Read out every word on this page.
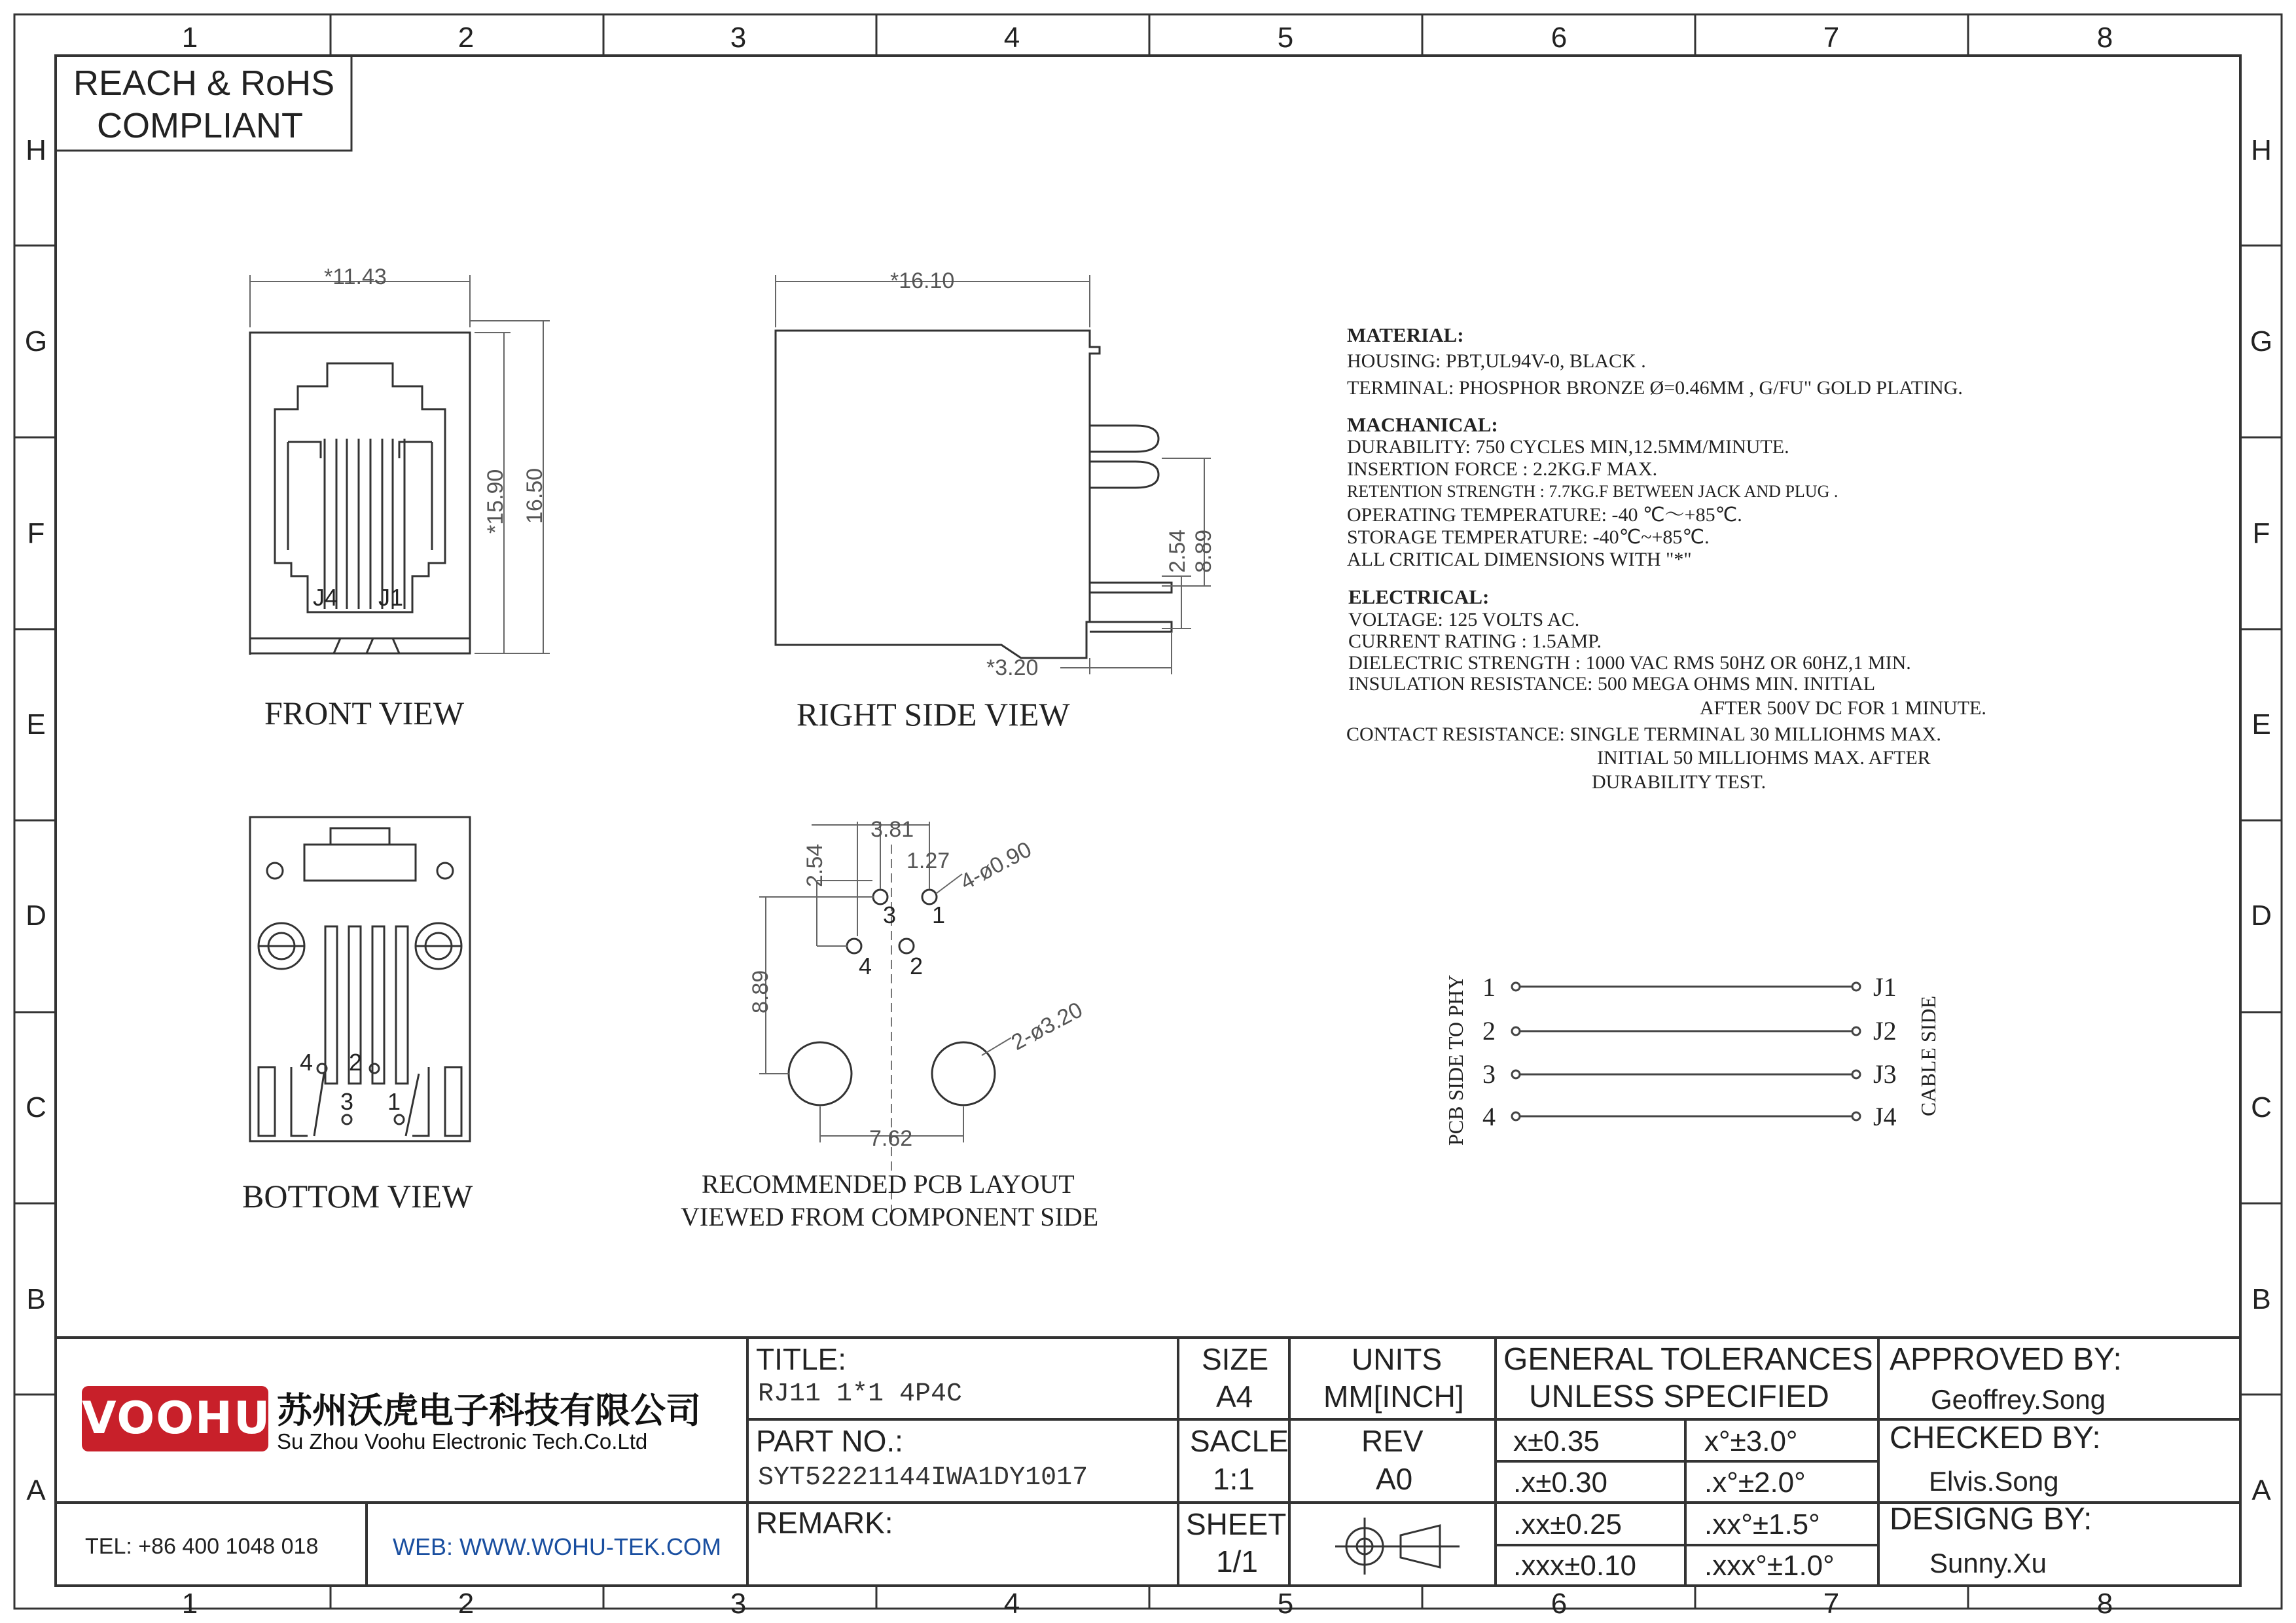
1	2	3	4	5	6	7	8
1	2	3	4	5	6	7	8
H
G
F
E
D
C
B
A
H
G
F
E
D
C
B
A
REACH & RoHS
COMPLIANT
*11.43
*15.90 16.50
J4 J1
FRONT VIEW
*16.10
2.54 8.89
*3.20
RIGHT SIDE VIEW
4 2
3 1
BOTTOM VIEW
3.81
1.27
2.54
8.89
7.62
4-ø0.90
2-ø3.20
3 1
4 2
RECOMMENDED PCB LAYOUT
VIEWED FROM COMPONENT SIDE
MATERIAL:
HOUSING: PBT,UL94V-0, BLACK .
TERMINAL: PHOSPHOR BRONZE Ø=0.46MM , G/FU" GOLD PLATING.
MACHANICAL:
DURABILITY: 750 CYCLES MIN,12.5MM/MINUTE.
INSERTION FORCE : 2.2KG.F MAX.
RETENTION STRENGTH : 7.7KG.F BETWEEN JACK AND PLUG .
OPERATING TEMPERATURE: -40 ℃～+85℃.
STORAGE TEMPERATURE: -40℃~+85℃.
ALL CRITICAL DIMENSIONS WITH "*"
ELECTRICAL:
VOLTAGE: 125 VOLTS AC.
CURRENT RATING : 1.5AMP.
DIELECTRIC STRENGTH : 1000 VAC RMS 50HZ OR 60HZ,1 MIN.
INSULATION RESISTANCE: 500 MEGA OHMS MIN. INITIAL
AFTER 500V DC FOR 1 MINUTE.
CONTACT RESISTANCE: SINGLE TERMINAL 30 MILLIOHMS MAX.
INITIAL 50 MILLIOHMS MAX. AFTER
DURABILITY TEST.
PCB SIDE TO PHY	CABLE SIDE
1
2
3
4
J1
J2
J3
J4
VOOHU 苏州沃虎电子科技有限公司
Su Zhou Voohu Electronic Tech.Co.Ltd
TEL: +86 400 1048 018	WEB: WWW.WOHU-TEK.COM
TITLE:
RJ11 1*1 4P4C
PART NO.:
SYT52221144IWA1DY1017
REMARK:
SIZE
A4
UNITS
MM[INCH]
SACLE
1:1
REV
A0
SHEET
1/1
GENERAL TOLERANCES
UNLESS SPECIFIED
x±0.35	x°±3.0°
.x±0.30	.x°±2.0°
.xx±0.25	.xx°±1.5°
.xxx±0.10 .xxx°±1.0°
APPROVED BY:
Geoffrey.Song
CHECKED BY:
Elvis.Song
DESIGNG BY:
Sunny.Xu
